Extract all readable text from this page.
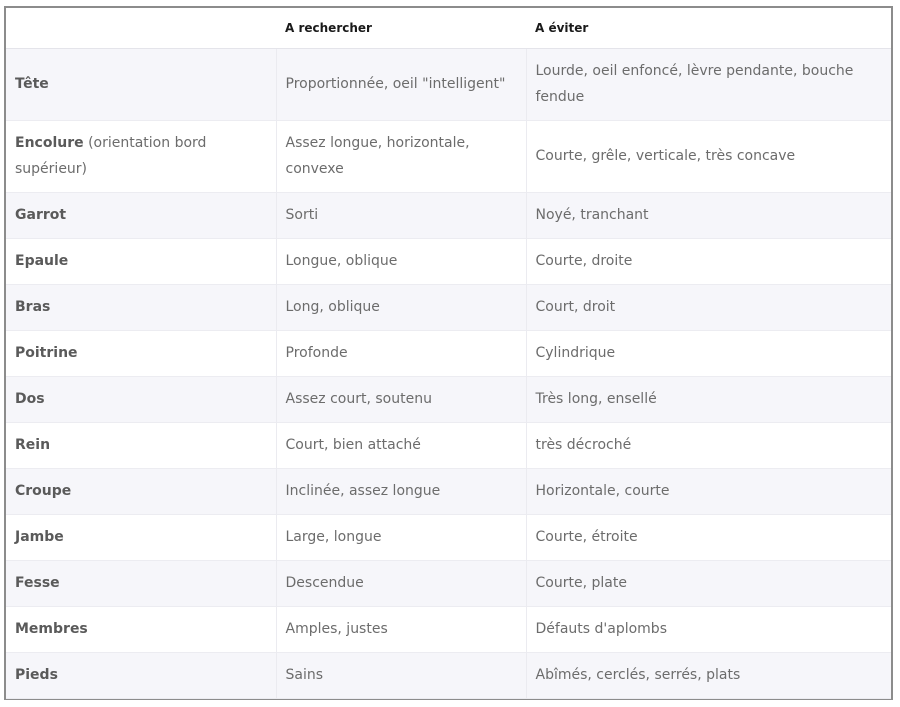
	A rechercher	A éviter
Tête	Proportionnée, oeil "intelligent"	Lourde, oeil enfoncé, lèvre pendante, bouche fendue
Encolure (orientation bord supérieur)	Assez longue, horizontale, convexe	Courte, grêle, verticale, très concave
Garrot	Sorti	Noyé, tranchant
Epaule	Longue, oblique	Courte, droite
Bras	Long, oblique	Court, droit
Poitrine	Profonde	Cylindrique
Dos	Assez court, soutenu	Très long, ensellé
Rein	Court, bien attaché	très décroché
Croupe	Inclinée, assez longue	Horizontale, courte
Jambe	Large, longue	Courte, étroite
Fesse	Descendue	Courte, plate
Membres	Amples, justes	Défauts d'aplombs
Pieds	Sains	Abîmés, cerclés, serrés, plats
